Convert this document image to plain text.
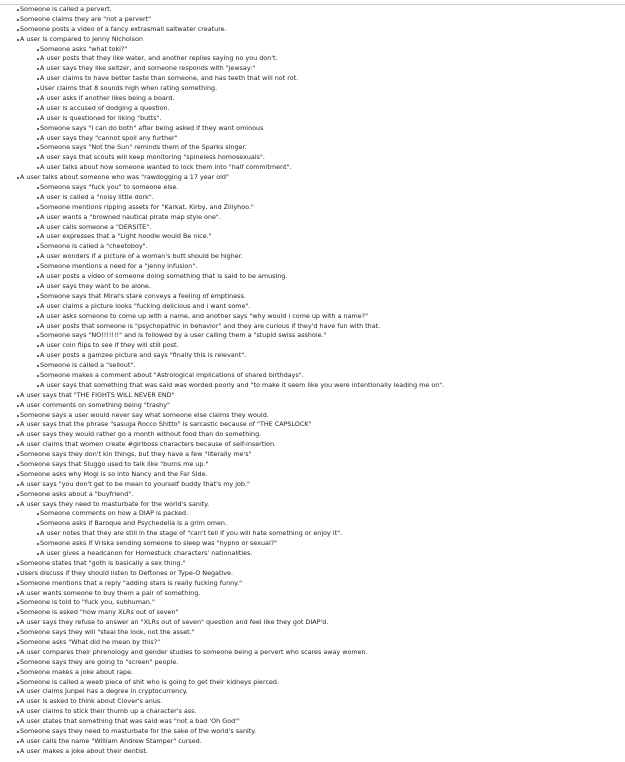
Someone is called a pervert.
Someone claims they are "not a pervert"
Someone posts a video of a fancy extrasmall saltwater creature.
A user is compared to Jenny Nicholson
Someone asks "what toki?"
A user posts that they like water, and another replies saying no you don't.
A user says they like seltzer, and someone responds with "jewsay:"
A user claims to have better taste than someone, and has teeth that will not rot.
User claims that 8 sounds high when rating something.
A user asks if another likes being a board.
A user is accused of dodging a question.
A user is questioned for liking "butts".
Someone says "I can do both" after being asked if they want ominous
A user says they "cannot spoil any further"
Someone says "Not the Sun" reminds them of the Sparks singer.
A user says that scouts will keep monitoring "spineless homosexuals".
A user talks about how someone wanted to lock them into "half commitment".
A user talks about someone who was "rawdogging a 17 year old"
Someone says "fuck you" to someone else.
A user is called a "noisy little dork".
Someone mentions ripping assets for "Karkat, Kirby, and Zillyhoo."
A user wants a "browned nautical pirate map style one".
A user calls someone a "DERSITE".
A user expresses that a "Light hoodie would Be nice."
Someone is called a "cheetoboy".
A user wonders if a picture of a woman's butt should be higher.
Someone mentions a need for a "jenny infusion".
A user posts a video of someone doing something that is said to be amusing.
A user says they want to be alone.
Someone says that Mirai's stare conveys a feeling of emptiness.
A user claims a picture looks "fucking delicious and i want some".
A user asks someone to come up with a name, and another says "why would i come up with a name?"
A user posts that someone is "psychopathic in behavior" and they are curious if they'd have fun with that.
Someone says "NO!!!!!!!" and is followed by a user calling them a "stupid swiss asshole."
A user coin flips to see if they will still post.
A user posts a gamzee picture and says "finally this is relevant".
Someone is called a "sellout".
Someone makes a comment about "Astrological implications of shared birthdays".
A user says that something that was said was worded poorly and "to make it seem like you were intentionally leading me on".
A user says that "THE FIGHTS WILL NEVER END"
A user comments on something being "trashy"
Someone says a user would never say what someone else claims they would.
A user says that the phrase "sasuga Rocco Shitto" is sarcastic because of "THE CAPSLOCK"
A user says they would rather go a month without food than do something.
A user claims that women create #girlboss characters because of self-insertion.
Someone says they don't kin things, but they have a few "literally me's"
Someone says that Sluggo used to talk like "burns me up."
Someone asks why Mogi is so into Nancy and the Far Side.
A user says "you don't get to be mean to yourself buddy that's my job."
Someone asks about a "buyfriend".
A user says they need to masturbate for the world's sanity.
Someone comments on how a DIAP is packed.
Someone asks if Baroque and Psychedelia is a grim omen.
A user notes that they are still in the stage of "can't tell if you will hate something or enjoy it".
Someone asks if Vriska sending someone to sleep was "hypno or sexual?"
A user gives a headcanon for Homestuck characters' nationalities.
Someone states that "goth is basically a sex thing."
Users discuss if they should listen to Deftones or Type-O Negative.
Someone mentions that a reply "adding stars is really fucking funny."
A user wants someone to buy them a pair of something.
Someone is told to "fuck you, subhuman."
Someone is asked "how many XLRs out of seven"
A user says they refuse to answer an "XLRs out of seven" question and feel like they got DIAP'd.
Someone says they will "steal the look, not the asset."
Someone asks "What did he mean by this?"
A user compares their phrenology and gender studies to someone being a pervert who scares away women.
Someone says they are going to "screen" people.
Someone makes a joke about rape.
Someone is called a weeb piece of shit who is going to get their kidneys pierced.
A user claims Junpei has a degree in cryptocurrency.
A user is asked to think about Clover's anus.
A user claims to stick their thumb up a character's ass.
A user states that something that was said was "not a bad 'Oh God'"
Someone says they need to masturbate for the sake of the world's sanity.
A user calls the name "William Andrew Stamper" cursed.
A user makes a joke about their dentist.
